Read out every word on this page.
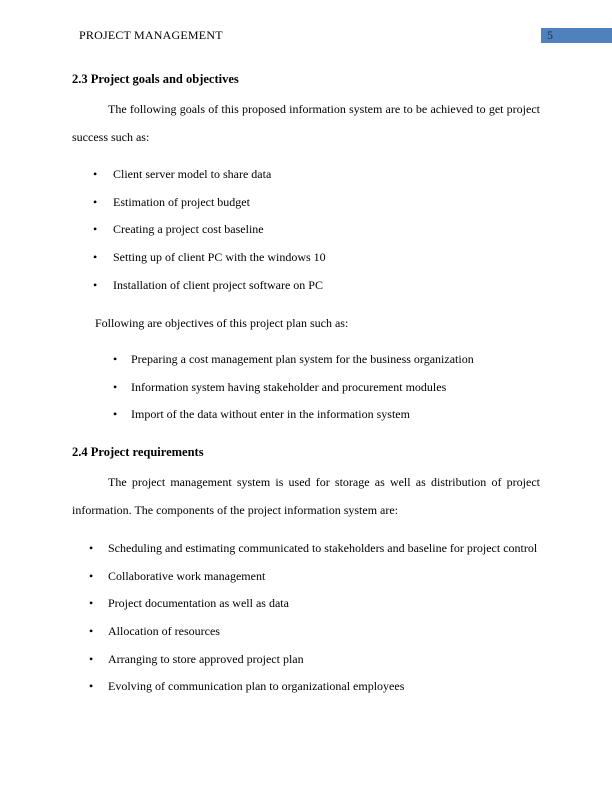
PROJECT MANAGEMENT	5
2.3 Project goals and objectives

The following goals of this proposed information system are to be achieved to get project success such as:

• Client server model to share data
• Estimation of project budget
• Creating a project cost baseline
• Setting up of client PC with the windows 10
• Installation of client project software on PC

Following are objectives of this project plan such as:

• Preparing a cost management plan system for the business organization
• Information system having stakeholder and procurement modules
• Import of the data without enter in the information system
2.4 Project requirements

The project management system is used for storage as well as distribution of project information. The components of the project information system are:

• Scheduling and estimating communicated to stakeholders and baseline for project control
• Collaborative work management
• Project documentation as well as data
• Allocation of resources
• Arranging to store approved project plan
• Evolving of communication plan to organizational employees
